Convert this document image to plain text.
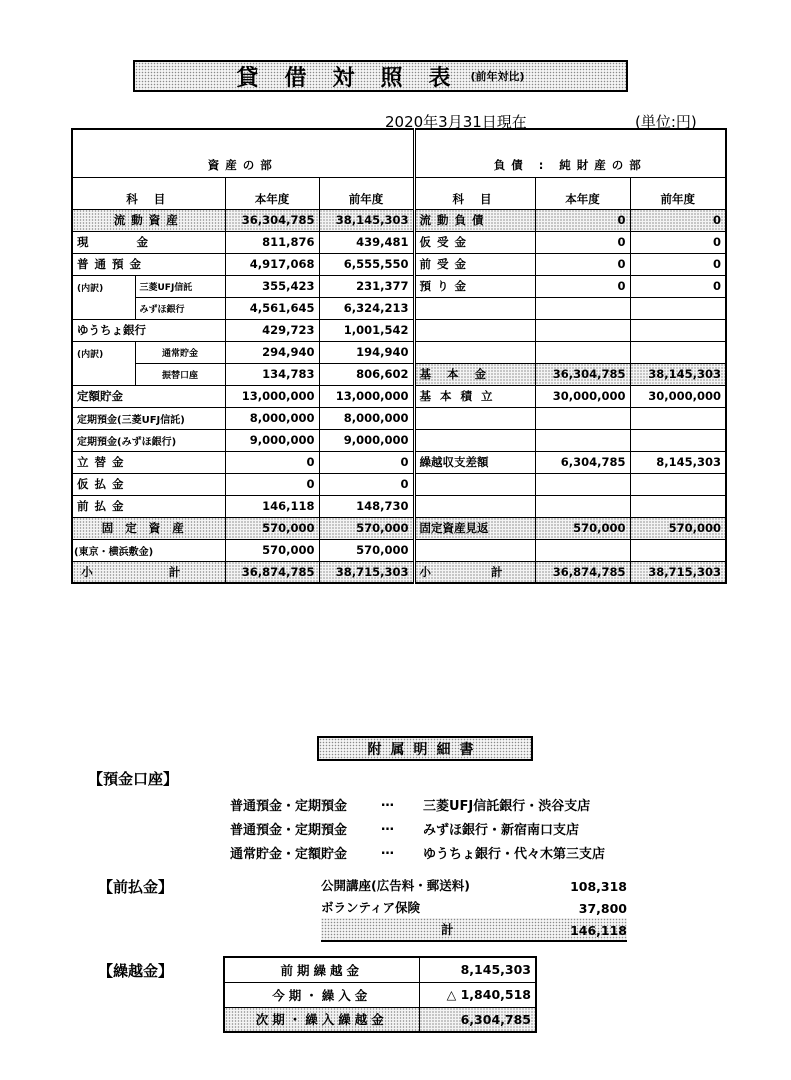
貸借対照表
(前年対比)
2020年3月31日現在	(単位:円)
資産の部				負債 : 純財産の部		
科 目		本年度	前年度	科 目	本年度	前年度
流動資産		36,304,785	38,145,303	流動負債	0	0
現 金		811,876	439,481	仮受金	0	0
普通預金		4,917,068	6,555,550	前受金	0	0
(内訳)	三菱UFJ信託	355,423	231,377	預り金	0	0
	みずほ銀行	4,561,645	6,324,213			
ゆうちょ銀行		429,723	1,001,542			
(内訳)	通常貯金	294,940	194,940			
	振替口座	134,783	806,602	基本金	36,304,785	38,145,303
定額貯金		13,000,000	13,000,000	基本積立	30,000,000	30,000,000
定期預金(三菱UFJ信託)		8,000,000	8,000,000			
定期預金(みずほ銀行)		9,000,000	9,000,000			
立替金		0	0	繰越収支差額	6,304,785	8,145,303
仮払金		0	0			
前払金		146,118	148,730			
固定資産		570,000	570,000	固定資産見返	570,000	570,000
(東京・横浜敷金)		570,000	570,000			
小 計		36,874,785	38,715,303	小 計	36,874,785	38,715,303
附属明細書
【預金口座】
普通預金・定期預金	…	三菱UFJ信託銀行・渋谷支店
普通預金・定期預金	…	みずほ銀行・新宿南口支店
通常貯金・定額貯金	…	ゆうちょ銀行・代々木第三支店
【前払金】	公開講座(広告料・郵送料)	108,318
ボランティア保険	37,800
計	146,118
【繰越金】	前期繰越金	8,145,303
今期・繰入金	△ 1,840,518
次期・繰入繰越金	6,304,785
